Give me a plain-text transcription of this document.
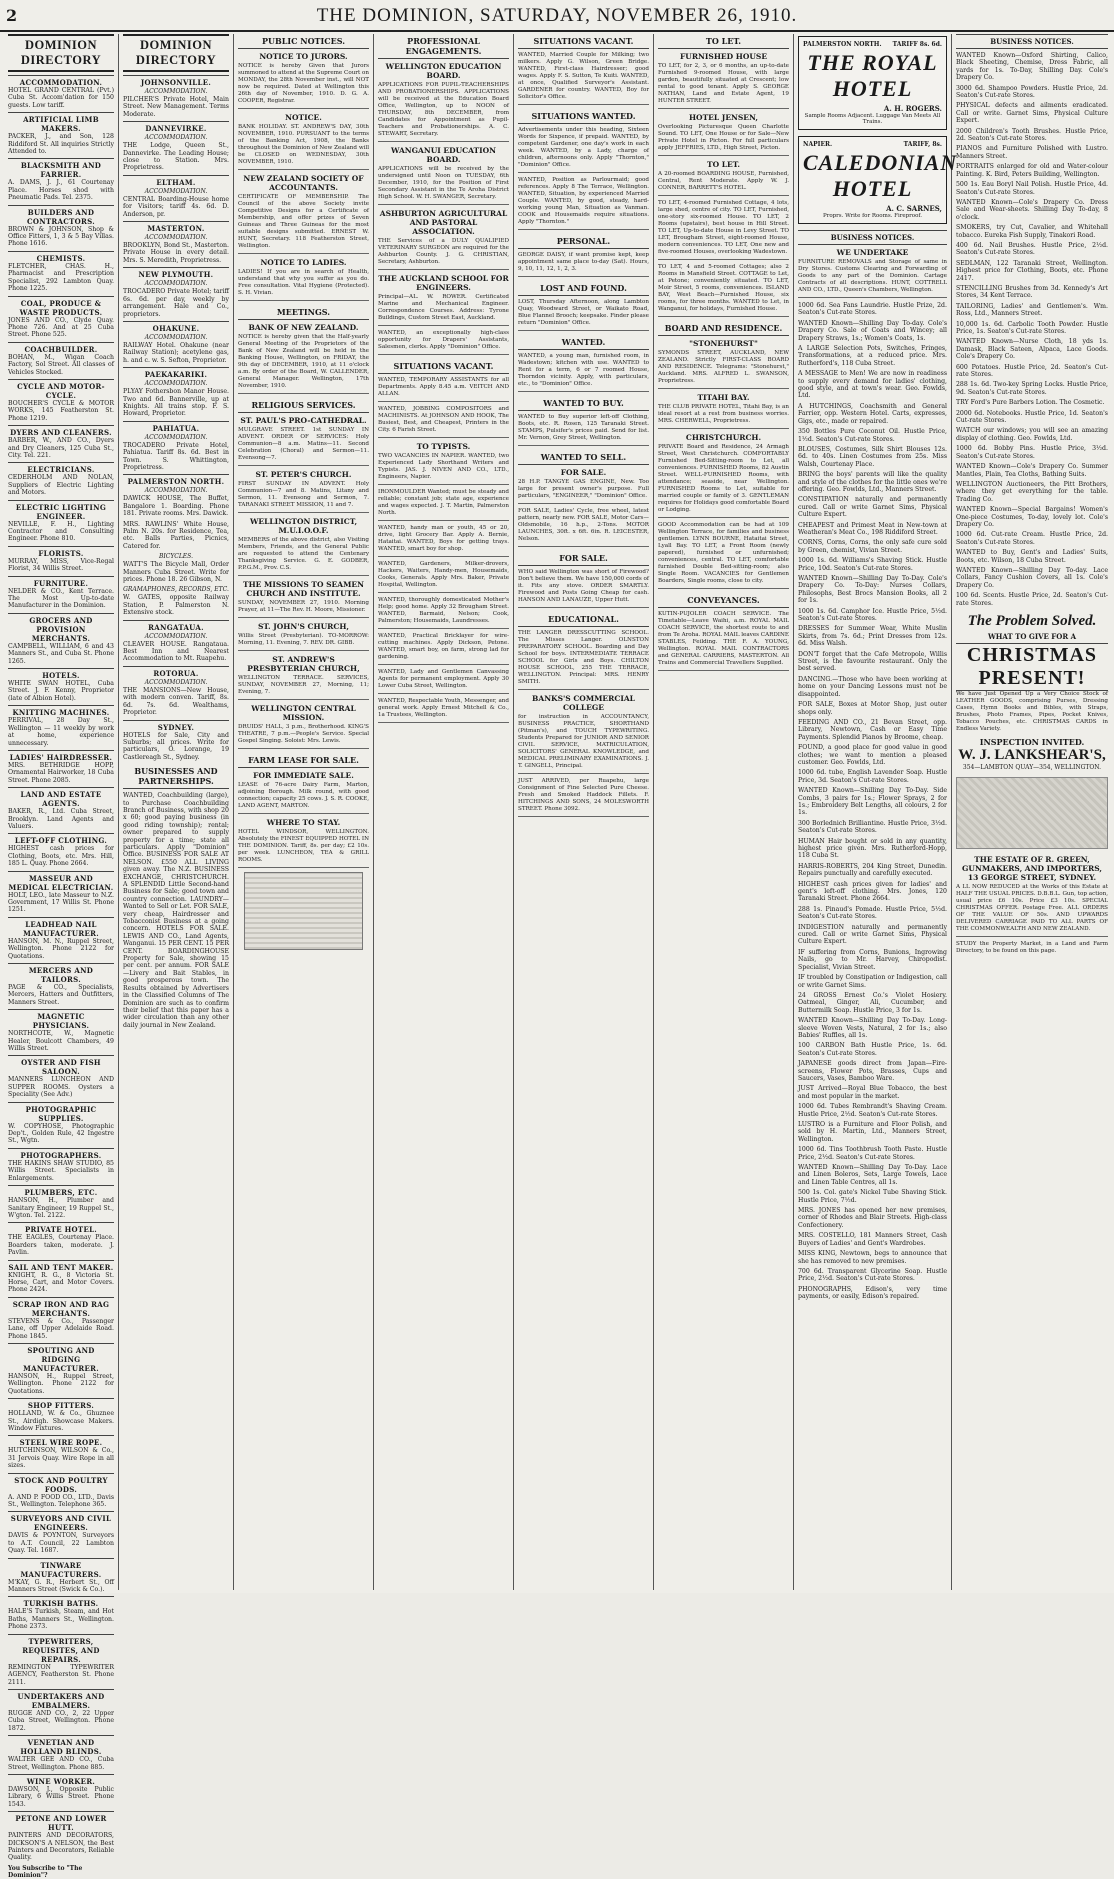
2	THE DOMINION, SATURDAY, NOVEMBER 26, 1910.
DOMINION DIRECTORY
ACCOMMODATION.
HOTEL GRAND CENTRAL (Pvt.) Cuba St. Accom'dation for 150 guests. Low tariff.
ARTIFICIAL LIMB MAKERS.
PACKER, J., and Son, 128 Riddiford St. All inquiries Strictly Attended to.
BLACKSMITH AND FARRIER.
A. DAMS, J. J., 61 Courtenay Place. Horses shod with Pneumatic Pads. Tel. 2375.
BUILDERS AND CONTRACTORS.
BROWN & JOHNSON, Shop & Office Fitters, 1, 3 & 5 Bay Villas. Phone 1616.
CHEMISTS.
FLETCHER, CHAS. H., Pharmacist and Prescription Specialist, 292 Lambton Quay. Phone 1225.
COAL, PRODUCE & WASTE PRODUCTS.
JONES AND CO., Clyde Quay. Phone 726. And at 25 Cuba Street. Phone 525.
COACHBUILDER.
BOHAN, M., Wigan Coach Factory, Sol Street. All classes of Vehicles Stocked.
CYCLE AND MOTOR-CYCLE.
BOUCHER'S CYCLE & MOTOR WORKS, 145 Featherston St. Phone 1219.
DYERS AND CLEANERS.
BARBER, W., AND CO., Dyers and Dry Cleaners, 125 Cuba St., City. Tel. 221.
ELECTRICIANS.
CEDERHOLM AND NOLAN, Suppliers of Electric Lighting and Motors.
ELECTRIC LIGHTING ENGINEER.
NEVILLE, F. H., Lighting Contractor and Consulting Engineer. Phone 810.
FLORISTS.
MURRAY, MISS, Vice-Regal Florist, 34 Willis Street.
FURNITURE.
NELDER & CO., Kent Terrace. The Most Up-to-date Manufacturer in the Dominion.
GROCERS AND PROVISION MERCHANTS.
CAMPBELL, WILLIAM, 6 and 43 Manners St., and Cuba St. Phone 1265.
HOTELS.
WHITE SWAN HOTEL, Cuba Street. J. F. Kenny, Proprietor (late of Albion Hotel).
KNITTING MACHINES.
PERRIVAL, 28 Day St., Wellington — 11 weekly by work at home, experience unnecessary.
LADIES' HAIRDRESSER.
MRS. BETHRIDGE HOPP, Ornamental Hairworker, 18 Cuba Street. Phone 2085.
LAND AND ESTATE AGENTS.
BAKER, R., Ltd. Cuba Street, Brooklyn. Land Agents and Valuers.
LEFT-OFF CLOTHING.
HIGHEST cash prices for Clothing, Boots, etc. Mrs. Hill, 185 L. Quay. Phone 2664.
MASSEUR AND MEDICAL ELECTRICIAN.
HOLT, LEO., late Masseur to N.Z. Government, 17 Willis St. Phone 1251.
LEADHEAD NAIL MANUFACTURER.
HANSON, M. N., Ruppel Street, Wellington. Phone 2122 for Quotations.
MERCERS AND TAILORS.
PAGE & CO., Specialists, Mercers, Hatters and Outfitters, Manners Street.
MAGNETIC PHYSICIANS.
NORTHCOTE, W., Magnetic Healer, Boulcott Chambers, 49 Willis Street.
OYSTER AND FISH SALOON.
MANNERS LUNCHEON AND SUPPER ROOMS. Oysters a Speciality (See Adv.)
PHOTOGRAPHIC SUPPLIES.
W. COPYHOSE, Photographic Dep't., Golden Rule, 42 Ingestre St., Wgtn.
PHOTOGRAPHERS.
THE HAKINS SHAW STUDIO, 85 Willis Street. Specialists in Enlargements.
PLUMBERS, ETC.
HANSON, H., Plumber and Sanitary Engineer, 19 Ruppel St., W'gton. Tel. 2122.
PRIVATE HOTEL.
THE EAGLES, Courtenay Place. Boarders taken, moderate. J. Pavlin.
SAIL AND TENT MAKER.
KNIGHT, R. G., 8 Victoria St. Horse, Cart, and Motor Covers. Phone 2424.
SCRAP IRON AND RAG MERCHANTS.
STEVENS & Co., Passenger Lane, off Upper Adelaide Road. Phone 1845.
SPOUTING AND RIDGING MANUFACTURER.
HANSON, H., Ruppel Street, Wellington. Phone 2122 for Quotations.
SHOP FITTERS.
HOLLAND, W. & Co., Ghuznee St., Airdigh. Showcase Makers. Window Fixtures.
STEEL WIRE ROPE.
HUTCHINSON, WILSON & Co., 31 Jervois Quay. Wire Rope in all sizes.
STOCK AND POULTRY FOODS.
A. AND P. FOOD CO., LTD., Davis St., Wellington. Telephone 365.
SURVEYORS AND CIVIL ENGINEERS.
DAVIS & POYNTON, Surveyors to A.T. Council, 22 Lambton Quay. Tel. 1687.
TINWARE MANUFACTURERS.
M'KAY, G. R., Herbert St., Off Manners Street (Swick & Co.).
TURKISH BATHS.
HALE'S Turkish, Steam, and Hot Baths, Manners St., Wellington. Phone 2373.
TYPEWRITERS, REQUISITES, AND REPAIRS.
REMINGTON TYPEWRITER AGENCY, Featherston St. Phone 2111.
UNDERTAKERS AND EMBALMERS.
RUGGE AND CO., 2, 22 Upper Cuba Street, Wellington. Phone 1872.
VENETIAN AND HOLLAND BLINDS.
WALTER GEE AND CO., Cuba Street, Wellington. Phone 885.
WINE WORKER.
DAWSON, J., Opposite Public Library, 6 Willis Street. Phone 1543.
PETONE AND LOWER HUTT.
PAINTERS AND DECORATORS, DICKSON'S A NELSON, the Best Painters and Decorators, Reliable Quality.
You Subscribe to "The Dominion"?
DOMINION DIRECTORY
JOHNSONVILLE.
ACCOMMODATION.
PILCHER'S Private Hotel, Main Street. New Management. Terms Moderate.
DANNEVIRKE.
ACCOMMODATION.
THE Lodge, Queen St., Dannevirke. The Leading House; close to Station. Mrs. Proprietress.
ELTHAM.
ACCOMMODATION.
CENTRAL Boarding-House home for Visitors; tariff 4s. 6d. D. Anderson, pr.
MASTERTON.
ACCOMMODATION.
BROOKLYN, Bond St., Masterton. Private House in every detail. Mrs. S. Meredith, Proprietress.
NEW PLYMOUTH.
ACCOMMODATION.
TROCADERO Private Hotel; tariff 6s. 6d. per day, weekly by arrangement. Hale and Co., proprietors.
OHAKUNE.
ACCOMMODATION.
RAILWAY Hotel. Ohakune (near Railway Station); acetylene gas, h. and c. w. S. Sefton, Proprietor.
PAEKAKARIKI.
ACCOMMODATION.
PLYAY Fothersbon Manor House. Two and 6d. Bannerville, up at Knights. All trains stop. F. S. Howard, Proprietor.
PAHIATUA.
ACCOMMODATION.
TROCADERO Private Hotel, Pahiatua. Tariff 8s. 6d. Best in Town. S. Whittington, Proprietress.
PALMERSTON NORTH.
ACCOMMODATION.
DAWICK HOUSE, The Buffet, Bangalore 1. Boarding. Phone 181. Private rooms. Mrs. Dawick.
MRS. RAWLINS' White House, Palm N. 20s. for Residence, Tea, etc. Balls Parties, Picnics, Catered for.
BICYCLES.
WATT'S The Bicycle Mall, Order Manners Cuba Street. Write for prices. Phone 18. 26 Gibson, N.
GRAMAPHONES, RECORDS, ETC.
W. GATES, opposite Railway Station, P. Palmerston N. Extensive stock.
RANGATAUA.
ACCOMMODATION.
CLEAVER HOUSE. Rangataua. Best Inn and Nearest Accommodation to Mt. Ruapehu.
ROTORUA.
ACCOMMODATION.
THE MANSIONS—New House, with modern conven. Tariff, 8s. 6d. 7s. 6d. Wealthams, Proprietor.
SYDNEY.
HOTELS for Sale, City and Suburbs; all prices. Write for particulars, O. Lorange, 19 Castlereagh St., Sydney.
BUSINESSES AND PARTNERSHIPS.
WANTED, Coachbuilding (large), to Purchase Coachbuilding Branch of Business, with shop 20 x 60; good paying business (in good riding township); rental; owner prepared to supply property for a time; state all particulars. Apply "Dominion" Office. BUSINESS FOR SALE AT NELSON. £550 ALL LIVING given away. The N.Z. BUSINESS EXCHANGE, CHRISTCHURCH. A SPLENDID Little Second-hand Business for Sale; good town and country connection. LAUNDRY—Wanted to Sell or Let. FOR SALE, very cheap, Hairdresser and Tobacconist Business at a going concern. HOTELS FOR SALE. LEWIS AND CO., Land Agents, Wanganui. 15 PER CENT. 15 PER CENT. BOARDINGHOUSE Property for Sale, showing 15 per cent. per annum. FOR SALE—Livery and Bait Stables, in good prosperous town. The Results obtained by Advertisers in the Classified Columns of The Dominion are such as to confirm their belief that this paper has a wider circulation than any other daily journal in New Zealand.
PUBLIC NOTICES.
NOTICE TO JURORS.
NOTICE is hereby Given that Jurors summoned to attend at the Supreme Court on MONDAY, the 28th November inst., will NOT now be required. Dated at Wellington this 26th day of November, 1910. D. G. A. COOPER, Registrar.
NOTICE.
BANK HOLIDAY. ST. ANDREW'S DAY, 30th NOVEMBER, 1910. PURSUANT to the terms of the Banking Act, 1908, the Banks throughout the Dominion of New Zealand will be CLOSED on WEDNESDAY, 30th NOVEMBER, 1910.
NEW ZEALAND SOCIETY OF ACCOUNTANTS.
CERTIFICATE OF MEMBERSHIP. The Council of the above Society invite Competitive Designs for a Certificate of Membership, and offer prizes of Seven Guineas and Three Guineas for the most suitable designs submitted. ERNEST W. HUNT, Secretary. 118 Featherston Street, Wellington.
NOTICE TO LADIES.
LADIES! If you are in search of Health, understand that why you suffer as you do. Free consultation. Vital Hygiene (Protected). S. H. Vivian.
MEETINGS.
BANK OF NEW ZEALAND.
NOTICE is hereby given that the Half-yearly General Meeting of the Proprietors of the Bank of New Zealand will be held in the Banking House, Wellington, on FRIDAY, the 9th day of DECEMBER, 1910, at 11 o'clock a.m. By order of the Board, W. CALLENDER, General Manager. Wellington, 17th November, 1910.
RELIGIOUS SERVICES.
ST. PAUL'S PRO-CATHEDRAL.
MULGRAVE STREET. 1st SUNDAY IN ADVENT. ORDER OF SERVICES: Holy Communion—8 a.m. Matins—11. Second Celebration (Choral) and Sermon—11. Evensong—7.
ST. PETER'S CHURCH.
FIRST SUNDAY IN ADVENT. Holy Communion—7 and 8. Matins, Litany and Sermon, 11. Evensong and Sermon, 7. TARANAKI STREET MISSION, 11 and 7.
WELLINGTON DISTRICT, M.U.I.O.O.F.
MEMBERS of the above district, also Visiting Members, Friends, and the General Public are requested to attend the Centenary Thanksgiving Service. G. E. GODBER, P.P.G.M., Prov. C.S.
THE MISSIONS TO SEAMEN CHURCH AND INSTITUTE.
SUNDAY, NOVEMBER 27, 1910. Morning Prayer, at 11—The Rev. H. Moore, Missioner.
ST. JOHN'S CHURCH,
Willis Street (Presbyterian). TO-MORROW: Morning, 11. Evening, 7. REV. DR. GIBB.
ST. ANDREW'S PRESBYTERIAN CHURCH,
WELLINGTON TERRACE. SERVICES, SUNDAY, NOVEMBER 27, Morning, 11; Evening, 7.
WELLINGTON CENTRAL MISSION.
DRUIDS' HALL, 3 p.m., Brotherhood. KING'S THEATRE, 7 p.m.—People's Service. Special Gospel Singing. Soloist: Mrs. Lewis.
FARM LEASE FOR SALE.
FOR IMMEDIATE SALE.
LEASE of 76-acre Dairy Farm, Marton, adjoining Borough. Milk round, with good connection; capacity 25 cows. J. S. R. COOKE, LAND AGENT, MARTON.
WHERE TO STAY.
HOTEL WINDSOR, WELLINGTON. Absolutely the FINEST EQUIPPED HOTEL IN THE DOMINION. Tariff, 8s. per day; £2 10s. per week. LUNCHEON, TEA & GRILL ROOMS.
PROFESSIONAL ENGAGEMENTS.
WELLINGTON EDUCATION BOARD.
APPLICATIONS FOR PUPIL-TEACHERSHIPS AND PROBATIONERSHIPS. APPLICATIONS will be received at the Education Board Office, Wellington, up to NOON of THURSDAY, 8th DECEMBER, from Candidates for Appointment as Pupil-Teachers and Probationerships. A. C. STEWART, Secretary.
WANGANUI EDUCATION BOARD.
APPLICATIONS will be received by the undersigned until Noon on TUESDAY, 6th December, 1910, for the Position of First Secondary Assistant in the Te Aroha District High School. W. H. SWANGER, Secretary.
ASHBURTON AGRICULTURAL AND PASTORAL ASSOCIATION.
THE Services of a DULY QUALIFIED VETERINARY SURGEON are required for the Ashburton County. J. G. CHRISTIAN, Secretary, Ashburton.
THE AUCKLAND SCHOOL FOR ENGINEERS.
Principal—AL. W. ROWER. Certificated Marine and Mechanical Engineer. Correspondence Courses. Address: Tyrone Buildings, Custom Street East, Auckland.
WANTED, an exceptionally high-class opportunity for Drapers' Assistants, Salesmen, clerks. Apply "Dominion" Office.
SITUATIONS VACANT.
WANTED, TEMPORARY ASSISTANTS for all Departments. Apply 8.45 a.m. VEITCH AND ALLAN.
WANTED, JOBBING COMPOSITORS and MACHINISTS. At JOHNSON AND HOOK, The Busiest, Best, and Cheapest, Printers in the City. 6 Farish Street.
TO TYPISTS.
TWO VACANCIES IN NAPIER. WANTED, two Experienced Lady Shorthand Writers and Typists. JAS. J. NIVEN AND CO., LTD., Engineers, Napier.
IRONMOULDER Wanted; must be steady and reliable; constant job; state age, experience and wages expected. J. T. Martin, Palmerston North.
WANTED, handy man or youth, 45 or 20, drive, light Grocery Bar. Apply A. Bernie, Hataitai. WANTED, Boys for getting trays. WANTED, smart boy for shop.
WANTED, Gardeners, Milker-drovers, Hackers, Waiters, Handy-men, Housemaids, Cooks, Generals. Apply Mrs. Baker, Private Hospital, Wellington.
WANTED, thoroughly domesticated Mother's Help; good home. Apply 32 Brougham Street. WANTED, Barmaid, Nelson; Cook, Palmerston; Housemaids, Laundresses.
WANTED, Practical Bricklayer for wire-cutting machines. Apply Dickson, Petone. WANTED, smart boy, on farm, strong lad for gardening.
WANTED, Lady and Gentlemen Canvassing Agents for permanent employment. Apply 30 Lower Cuba Street, Wellington.
WANTED, Respectable Youth, Messenger, and general work. Apply Ernest Mitchell & Co., 1a Trustees, Wellington.
SITUATIONS VACANT.
WANTED, Married Couple for Milking; two milkers. Apply G. Wilson, Green Bridge. WANTED, First-class Hairdresser; good wages. Apply F. S. Sutton, Te Kuiti. WANTED, at once, Qualified Surveyor's Assistant. GARDENER for country. WANTED, Boy for Solicitor's Office.
SITUATIONS WANTED.
Advertisements under this heading, Sixteen Words for Sixpence, if prepaid. WANTED, by competent Gardener, one day's work in each week. WANTED, by a Lady, charge of children, afternoons only. Apply "Thornton," "Dominion" Office.
WANTED, Position as Parlourmaid; good references. Apply 8 The Terrace, Wellington. WANTED, Situation, by experienced Married Couple. WANTED, by good, steady, hard-working young Man, Situation as Vanman. COOK and Housemaids require situations. Apply "Thornton."
PERSONAL.
GEORGE DAISY, if want promise kept, keep appointment same place to-day (Sat). Hours, 9, 10, 11, 12, 1, 2, 3.
LOST AND FOUND.
LOST, Thursday Afternoon, along Lambton Quay, Woodward Street, or Waikato Road, Blue Flannel Brooch; keepsake. Finder please return "Dominion" Office.
WANTED.
WANTED, a young man, furnished room, in Wadestown; kitchen with use. WANTED to Rent for a term, 6 or 7 roomed House, Thorndon vicinity. Apply, with particulars, etc., to "Dominion" Office.
WANTED TO BUY.
WANTED to Buy superior left-off Clothing, Boots, etc. R. Rosen, 125 Taranaki Street. STAMPS, Pulsifer's prices paid. Send for list. Mr. Vernon, Grey Street, Wellington.
WANTED TO SELL.
FOR SALE.
28 H.P. TANGYE GAS ENGINE, New. Too large for present owner's purpose. Full particulars, "ENGINEER," "Dominion" Office.
FOR SALE, Ladies' Cycle, free wheel, latest pattern, nearly new. FOR SALE, Motor Cars—Oldsmobile, 16 h.p., 2-Tons. MOTOR LAUNCHES, 30ft. x 6ft. 6in. R. LEICESTER, Nelson.
FOR SALE.
WHO said Wellington was short of Firewood? Don't believe them. We have 150,000 cords of it. Fits any stove. ORDER SMARTLY. Firewood and Posts Going Cheap for cash. HANSON AND LANAUZE, Upper Hutt.
EDUCATIONAL.
THE LANGER DRESSCUTTING SCHOOL. The Misses Langer. OLNSTON PREPARATORY SCHOOL. Boarding and Day School for boys. INTERMEDIATE TERRACE SCHOOL for Girls and Boys. CHILTON HOUSE SCHOOL, 255 THE TERRACE, WELLINGTON. Principal: MRS. HENRY SMITH.
BANKS'S COMMERCIAL COLLEGE
for instruction in ACCOUNTANCY, BUSINESS PRACTICE, SHORTHAND (Pitman's), and TOUCH TYPEWRITING. Students Prepared for JUNIOR AND SENIOR CIVIL SERVICE, MATRICULATION, SOLICITORS' GENERAL KNOWLEDGE, and MEDICAL PRELIMINARY EXAMINATIONS. J. T. GINGELL, Principal.
JUST ARRIVED, per Ruapehu, large Consignment of Fine Selected Pure Cheese. Fresh and Smoked Haddock Fillets. F. HITCHINGS AND SONS, 24 MOLESWORTH STREET. Phone 3092.
TO LET.
FURNISHED HOUSE
TO LET, for 2, 3, or 6 months, an up-to-date Furnished 9-roomed House, with large garden, beautifully situated at Crescent; low rental to good tenant. Apply S. GEORGE NATHAN, Land and Estate Agent, 19 HUNTER STREET.
HOTEL JENSEN,
Overlooking Picturesque Queen Charlotte Sound. TO LET, One House or for Sale—New Private Hotel in Picton. For full particulars apply JEFFRIES, LTD., High Street, Picton.
TO LET.
A 20-roomed BOARDING HOUSE, Furnished, Central, Rent Moderate. Apply W. J. CONNER, BARRETT'S HOTEL.
TO LET, 4-roomed Furnished Cottage, 4 lots, large shed, centre of city. TO LET, Furnished, one-story six-roomed House. TO LET, 2 Rooms (upstairs), best house in Hill Street. TO LET, Up-to-date House in Levy Street. TO LET, Brougham Street, eight-roomed House, modern conveniences. TO LET, One new and five-roomed Houses, overlooking Wadestown.
TO LET, 4 and 5-roomed Cottages; also 2 Rooms in Mansfield Street. COTTAGE to Let, at Petone; conveniently situated. TO LET, Moir Street, 5 rooms, conveniences. ISLAND BAY, West Beach—Furnished House, six rooms, for three months. WANTED to Let, in Wanganui, for holidays, Furnished House.
BOARD AND RESIDENCE.
"STONEHURST"
SYMONDS STREET, AUCKLAND, NEW ZEALAND. Strictly FIRST-CLASS BOARD AND RESIDENCE. Telegrams: "Stonehurst," Auckland. MRS. ALFRED L. SWANSON, Proprietress.
TITAHI BAY.
THE CLUB PRIVATE HOTEL, Titahi Bay, is an ideal resort at a rest from business worries. MRS. CHERWELL, Proprietress.
CHRISTCHURCH.
PRIVATE Board and Residence, 24 Armagh Street, West Christchurch. COMFORTABLY Furnished Bed-Sitting-room to Let, all conveniences. FURNISHED Rooms, 82 Austin Street. WELL-FURNISHED Rooms, with attendance; seaside, near Wellington. FURNISHED Rooms to Let, suitable for married couple or family of 3. GENTLEMAN requires for Holidays good comfortable Board or Lodging.
GOOD Accommodation can be had at 109 Wellington Terrace, for families and business gentlemen. LYNN BOURNE, Hataitai Street, Lyall Bay. TO LET, a Front Room (newly papered), furnished or unfurnished; conveniences, central. TO LET, comfortable furnished Double Bed-sitting-room; also Single Room. VACANCIES for Gentlemen Boarders, Single rooms, close to city.
CONVEYANCES.
KUTIN-PUJOLER COACH SERVICE. The Timetable—Leave Waihi, a.m. ROYAL MAIL COACH SERVICE, the shortest route to and from Te Aroha. ROYAL MAIL leaves CARDINE STABLES, Feilding. THE F. A. YOUNG, Wellington. ROYAL MAIL CONTRACTORS and GENERAL CARRIERS, MASTERTON. All Trains and Commercial Travellers Supplied.
PALMERSTON NORTH. TARIFF 8s. 6d.
THE ROYAL HOTEL
A. H. ROGERS.
Sample Rooms Adjacent. Luggage Van Meets All Trains.
NAPIER.	TARIFF, 8s.
CALEDONIAN HOTEL
A. C. SARNES,
Proprs. Write for Rooms. Fireproof.
BUSINESS NOTICES.
WE UNDERTAKE
FURNITURE REMOVALS and Storage of same in Dry Stores. Customs Clearing and Forwarding of Goods to any part of the Dominion. Cartage Contracts of all descriptions. HUNT, COTTRELL AND CO., LTD., Queen's Chambers, Wellington.
1000 6d. Sea Fans Laundrie. Hustle Prize, 2d. Seaton's Cut-rate Stores.
WANTED Known—Shilling Day To-day. Cole's Drapery Co. Sale of Coats and Wincey; all Drapery Straws, 1s.; Women's Coats, 1s.
A LARGE Selection Pots, Switches, Fringes, Transformations, at a reduced price. Mrs. Rutherford's, 118 Cuba Street.
A MESSAGE to Men! We are now in readiness to supply every demand for ladies' clothing, good style, and at town's wear. Geo. Fowlds, Ltd.
A HUTCHINGS, Coachsmith and General Farrier, opp. Western Hotel. Carts, expresses, Gigs, etc., made or repaired.
350 Bottles Pure Coconut Oil. Hustle Price, 1½d. Seaton's Cut-rate Stores.
BLOUSES, Costumes, Silk Shirt Blouses 12s. 6d. to 40s. Linen Costumes from 25s. Miss Walsh, Courtenay Place.
BRING the boys' parents will like the quality and style of the clothes for the little ones we're offering. Geo. Fowlds, Ltd., Manners Street.
CONSTIPATION naturally and permanently cured. Call or write Garnet Sims, Physical Culture Expert.
CHEAPEST and Primest Meat in New-town at Weatheran's Meat Co., 198 Riddiford Street.
CORNS, Corns, Corns, the only safe cure sold by Green, chemist, Vivian Street.
1000 1s. 6d. Williams's Shaving Stick. Hustle Price, 10d. Seaton's Cut-rate Stores.
WANTED Known—Shilling Day To-Day. Cole's Drapery Co. To-Day: Nurses Collars, Philosophs, Best Brocs Mansion Books, all 2 for 1s.
1000 1s. 6d. Camphor Ice. Hustle Price, 5½d. Seaton's Cut-rate Stores.
DRESSES for Summer Wear, White Muslin Skirts, from 7s. 6d.; Print Dresses from 12s. 6d. Miss Walsh.
DON'T forget that the Cafe Metropole, Willis Street, is the favourite restaurant. Only the best served.
DANCING.—Those who have been working at home on your Dancing Lessons must not be disappointed.
FOR SALE, Boxes at Motor Shop, just outer shops only.
FEEDING AND CO., 21 Bevan Street, opp. Library, Newtown, Cash or Easy Time Payments. Splendid Pianos by Broome, cheap.
FOUND, a good place for good value in good clothes; we want to mention a pleased customer. Geo. Fowlds, Ltd.
1000 6d. tube, English Lavender Soap. Hustle Price, 3d. Seaton's Cut-rate Stores.
WANTED Known—Shilling Day To-Day. Side Combs, 3 pairs for 1s.; Flower Sprays, 2 for 1s.; Embroidery Belt Lengths, all colours, 2 for 1s.
300 Borlednich Brilliantine. Hustle Price, 3½d. Seaton's Cut-rate Stores.
HUMAN Hair bought or sold in any quantity, highest price given. Mrs. Rutherford-Hopp, 118 Cuba St.
HARRIS-ROBERTS, 204 King Street, Dunedin. Repairs punctually and carefully executed.
HIGHEST cash prices given for ladies' and gent's left-off clothing. Mrs. Jones, 120 Taranaki Street. Phone 2664.
288 1s. Pinaud's Pomade. Hustle Price, 5½d. Seaton's Cut-rate Stores.
INDIGESTION naturally and permanently cured. Call or write Garnet Sims, Physical Culture Expert.
IF suffering from Corns, Bunions, Ingrowing Nails, go to Mr. Harvey, Chiropodist. Specialist, Vivian Street.
IF troubled by Constipation or Indigestion, call or write Garnet Sims.
24 GROSS Ernest Co.'s Violet Hosiery. Oatmeal, Ginger, Ali, Cucumber, and Buttermilk Soap. Hustle Price, 3 for 1s.
WANTED Known—Shilling Day To-Day. Long-sleeve Woven Vests, Natural, 2 for 1s.; also Babies' Ruffles, all 1s.
100 CARBON Bath Hustle Price, 1s. 6d. Seaton's Cut-rate Stores.
JAPANESE goods direct from Japan—Fire-screens, Flower Pots, Brasses, Cups and Saucers, Vases, Bamboo Ware.
JUST Arrived—Royal Blue Tobacco, the best and most popular in the market.
1000 6d. Tubes Rembrandt's Shaving Cream. Hustle Price, 2½d. Seaton's Cut-rate Stores.
LUSTRO is a Furniture and Floor Polish, and sold by H. Martin, Ltd., Manners Street, Wellington.
1000 6d. Tins Toothbrush Tooth Paste. Hustle Price, 2½d. Seaton's Cut-rate Stores.
WANTED Known—Shilling Day To-Day. Lace and Linen Boleros, Sets, Large Towels, Lace and Linen Table Centres, all 1s.
500 1s. Col. gate's Nickel Tube Shaving Stick. Hustle Price, 7½d.
MRS. JONES has opened her new premises, corner of Rhodes and Blair Streets. High-class Confectionery.
MRS. COSTELLO, 181 Manners Street, Cash Buyers of Ladies' and Gent's Wardrobes.
MISS KING, Newtown, begs to announce that she has removed to new premises.
700 6d. Transparent Glycerine Soap. Hustle Price, 2½d. Seaton's Cut-rate Stores.
PHONOGRAPHS, Edison's, very time payments, or easily, Edison's repaired.
BUSINESS NOTICES.
WANTED Known—Oxford Shirting, Calico, Black Sheeting, Chemise, Dress Fabric, all yards for 1s. To-Day, Shilling Day. Cole's Drapery Co.
3000 6d. Shampoo Powders. Hustle Price, 2d. Seaton's Cut-rate Stores.
PHYSICAL defects and ailments eradicated. Call or write. Garnet Sims, Physical Culture Expert.
2000 Children's Tooth Brushes. Hustle Price, 2d. Seaton's Cut-rate Stores.
PIANOS and Furniture Polished with Lustro. Manners Street.
PORTRAITS enlarged for old and Water-colour Painting. K. Bird, Peters Building, Wellington.
500 1s. Eau Boryl Nail Polish. Hustle Price, 4d. Seaton's Cut-rate Stores.
WANTED Known—Cole's Drapery Co. Dress Sale and Wear-sheets. Shilling Day To-day, 8 o'clock.
SMOKERS, try Cut, Cavalier, and Whitehall tobacco. Eureka Fish Supply, Tinakori Road.
400 6d. Nail Brushes. Hustle Price, 2½d. Seaton's Cut-rate Stores.
SEDLMAN, 122 Taranaki Street, Wellington. Highest price for Clothing, Boots, etc. Phone 2417.
STENCILLING Brushes from 3d. Kennedy's Art Stores, 34 Kent Terrace.
TAILORING, Ladies' and Gentlemen's. Wm. Ross, Ltd., Manners Street.
10,000 1s. 6d. Carbolic Tooth Powder. Hustle Price, 1s. Seaton's Cut-rate Stores.
WANTED Known—Nurse Cloth, 18 yds 1s. Damask, Black Sateen, Alpaca, Lace Goods. Cole's Drapery Co.
600 Potatoes. Hustle Price, 2d. Seaton's Cut-rate Stores.
288 1s. 6d. Two-key Spring Locks. Hustle Price, 9d. Seaton's Cut-rate Stores.
TRY Ford's Pure Barbers Lotion. The Cosmetic.
2000 6d. Notebooks. Hustle Price, 1d. Seaton's Cut-rate Stores.
WATCH our windows; you will see an amazing display of clothing. Geo. Fowlds, Ltd.
1000 6d. Bobby Pins. Hustle Price, 3½d. Seaton's Cut-rate Stores.
WANTED Known—Cole's Drapery Co. Summer Mantles, Plain, Tea Cloths, Bathing Suits.
WELLINGTON Auctioneers, the Pitt Brothers, where they get everything for the table. Trading Co.
WANTED Known—Special Bargains! Women's One-piece Costumes, To-day, lovely lot. Cole's Drapery Co.
1000 6d. Cut-rate Cream. Hustle Price, 2d. Seaton's Cut-rate Stores.
WANTED to Buy, Gent's and Ladies' Suits, Boots, etc. Wilson, 18 Cuba Street.
WANTED Known—Shilling Day To-day. Lace Collars, Fancy Cushion Covers, all 1s. Cole's Drapery Co.
100 6d. Scents. Hustle Price, 2d. Seaton's Cut-rate Stores.
The Problem Solved.
WHAT TO GIVE FOR A
CHRISTMAS PRESENT!
We have Just Opened Up a Very Choice Stock of LEATHER GOODS, comprising Purses, Dressing Cases, Hymn Books and Bibles, with Straps, Brushes, Photo Frames, Pipes, Pocket Knives, Tobacco Pouches, etc. CHRISTMAS CARDS in Endless Variety.
INSPECTION INVITED.
W. J. LANKSHEAR'S,
354—LAMBTON QUAY—354, WELLINGTON.
THE ESTATE OF R. GREEN, GUNMAKERS, AND IMPORTERS, 13 GEORGE STREET, SYDNEY.
A LL NOW REDUCED at the Works of this Estate at HALF THE USUAL PRICES. D.B.B.L. Gun, top action, usual price £6 10s. Price £3 10s. SPECIAL CHRISTMAS OFFER. Postage Free. ALL ORDERS OF THE VALUE OF 50s. AND UPWARDS DELIVERED CARRIAGE PAID TO ALL PARTS OF THE COMMONWEALTH AND NEW ZEALAND.
STUDY the Property Market, in a Land and Farm Directory, to be found on this page.
